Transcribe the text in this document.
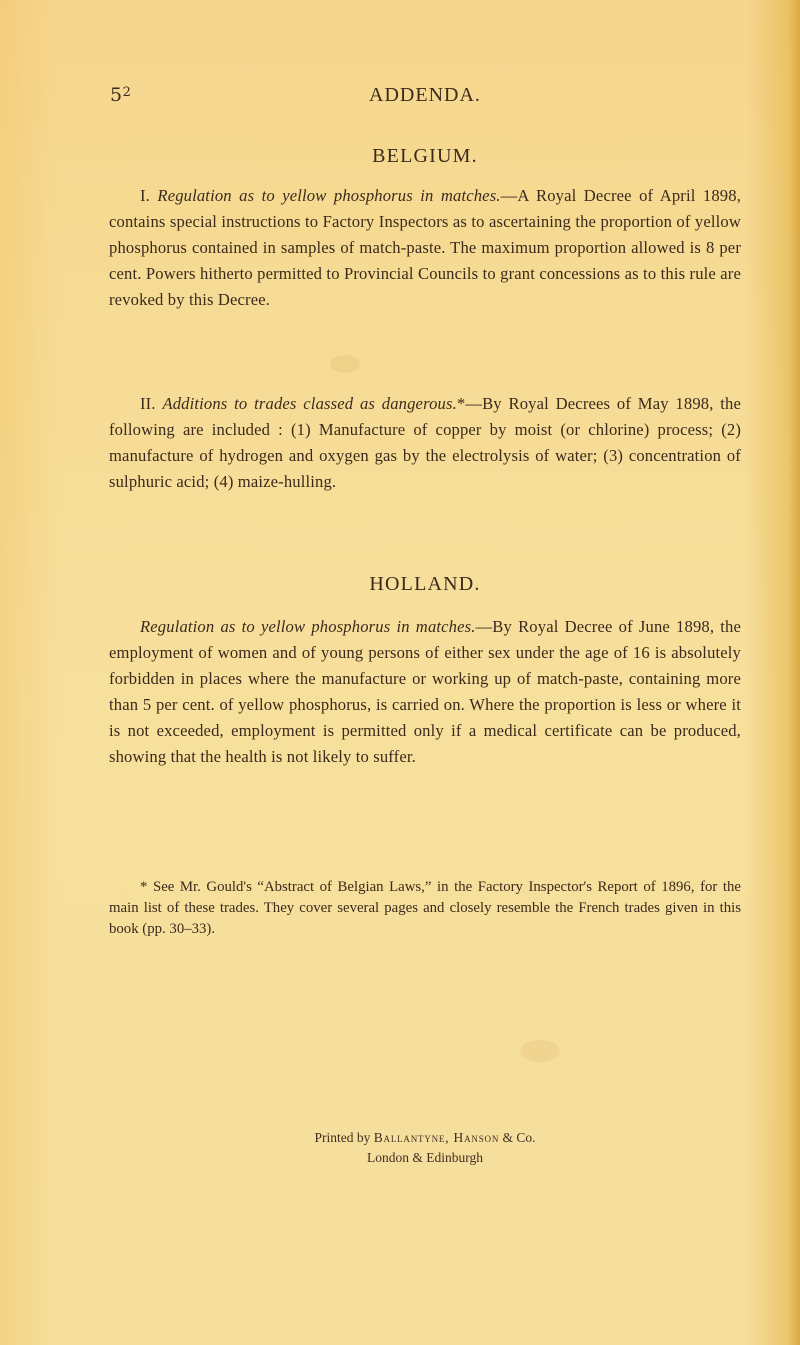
$5^2$	ADDENDA.
BELGIUM.
I. Regulation as to yellow phosphorus in matches.—A Royal Decree of April 1898, contains special instructions to Factory Inspectors as to ascertaining the proportion of yellow phosphorus contained in samples of match-paste. The maximum proportion allowed is 8 per cent. Powers hitherto permitted to Provincial Councils to grant concessions as to this rule are revoked by this Decree.
II. Additions to trades classed as dangerous.*—By Royal Decrees of May 1898, the following are included : (1) Manufacture of copper by moist (or chlorine) process; (2) manufacture of hydrogen and oxygen gas by the electrolysis of water; (3) concentration of sulphuric acid; (4) maize-hulling.
HOLLAND.
Regulation as to yellow phosphorus in matches.—By Royal Decree of June 1898, the employment of women and of young persons of either sex under the age of 16 is absolutely forbidden in places where the manufacture or working up of match-paste, containing more than 5 per cent. of yellow phosphorus, is carried on. Where the proportion is less or where it is not exceeded, employment is permitted only if a medical certificate can be produced, showing that the health is not likely to suffer.
* See Mr. Gould's “Abstract of Belgian Laws,” in the Factory Inspector's Report of 1896, for the main list of these trades. They cover several pages and closely resemble the French trades given in this book (pp. 30–33).
Printed by Ballantyne, Hanson & Co.
London & Edinburgh
